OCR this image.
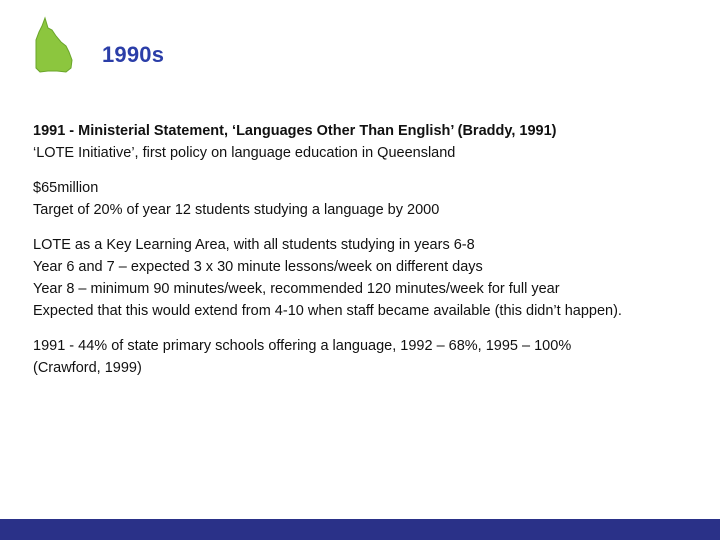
1990s
1991 - Ministerial Statement, ‘Languages Other Than English’ (Braddy, 1991)
‘LOTE Initiative’, first policy on language education in Queensland
$65million
Target of 20% of year 12 students studying a language by 2000
LOTE as a Key Learning Area, with all students studying in years 6-8
Year 6 and 7 – expected 3 x 30 minute lessons/week on different days
Year 8 – minimum 90 minutes/week, recommended 120 minutes/week for full year
Expected that this would extend from 4-10 when staff became available (this didn’t happen).
1991 - 44% of state primary schools offering a language, 1992 – 68%, 1995 – 100%
(Crawford, 1999)
